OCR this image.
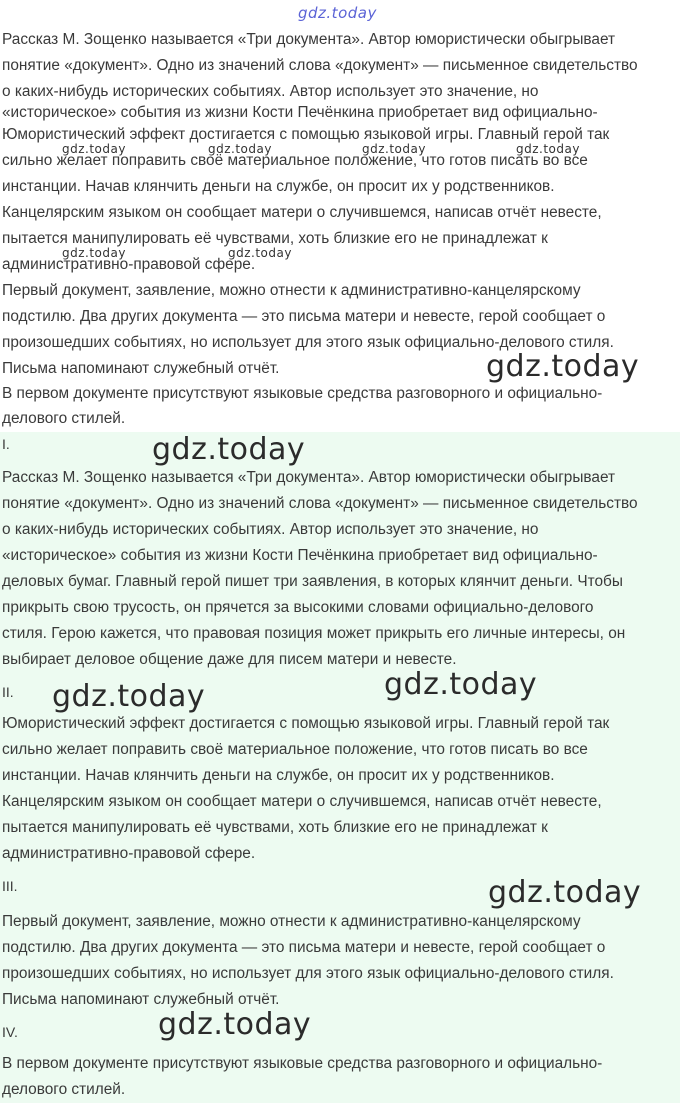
gdz.today
Рассказ М. Зощенко называется «Три документа». Автор юмористически обыгрывает
понятие «документ». Одно из значений слова «документ» — письменное свидетельство
о каких-нибудь исторических событиях. Автор использует это значение, но
«историческое» события из жизни Кости Печёнкина приобретает вид официально-
Юмористический эффект достигается с помощью языковой игры. Главный герой так
сильно желает поправить своё материальное положение, что готов писать во все
инстанции. Начав клянчить деньги на службе, он просит их у родственников.
Канцелярским языком он сообщает матери о случившемся, написав отчёт невесте,
пытается манипулировать её чувствами, хоть близкие его не принадлежат к
административно-правовой сфере.
Первый документ, заявление, можно отнести к административно-канцелярскому
подстилю. Два других документа — это письма матери и невесте, герой сообщает о
произошедших событиях, но использует для этого язык официально-делового стиля.
Письма напоминают служебный отчёт.
В первом документе присутствуют языковые средства разговорного и официально-
делового стилей.
gdz.today	gdz.today	gdz.today	gdz.today
gdz.today	gdz.today
gdz.today
I.
Рассказ М. Зощенко называется «Три документа». Автор юмористически обыгрывает
понятие «документ». Одно из значений слова «документ» — письменное свидетельство
о каких-нибудь исторических событиях. Автор использует это значение, но
«историческое» события из жизни Кости Печёнкина приобретает вид официально-
деловых бумаг. Главный герой пишет три заявления, в которых клянчит деньги. Чтобы
прикрыть свою трусость, он прячется за высокими словами официально-делового
стиля. Герою кажется, что правовая позиция может прикрыть его личные интересы, он
выбирает деловое общение даже для писем матери и невесте.
II.
Юмористический эффект достигается с помощью языковой игры. Главный герой так
сильно желает поправить своё материальное положение, что готов писать во все
инстанции. Начав клянчить деньги на службе, он просит их у родственников.
Канцелярским языком он сообщает матери о случившемся, написав отчёт невесте,
пытается манипулировать её чувствами, хоть близкие его не принадлежат к
административно-правовой сфере.
III.
Первый документ, заявление, можно отнести к административно-канцелярскому
подстилю. Два других документа — это письма матери и невесте, герой сообщает о
произошедших событиях, но использует для этого язык официально-делового стиля.
Письма напоминают служебный отчёт.
IV.
В первом документе присутствуют языковые средства разговорного и официально-
делового стилей.
gdz.today
gdz.today	gdz.today
gdz.today
gdz.today
